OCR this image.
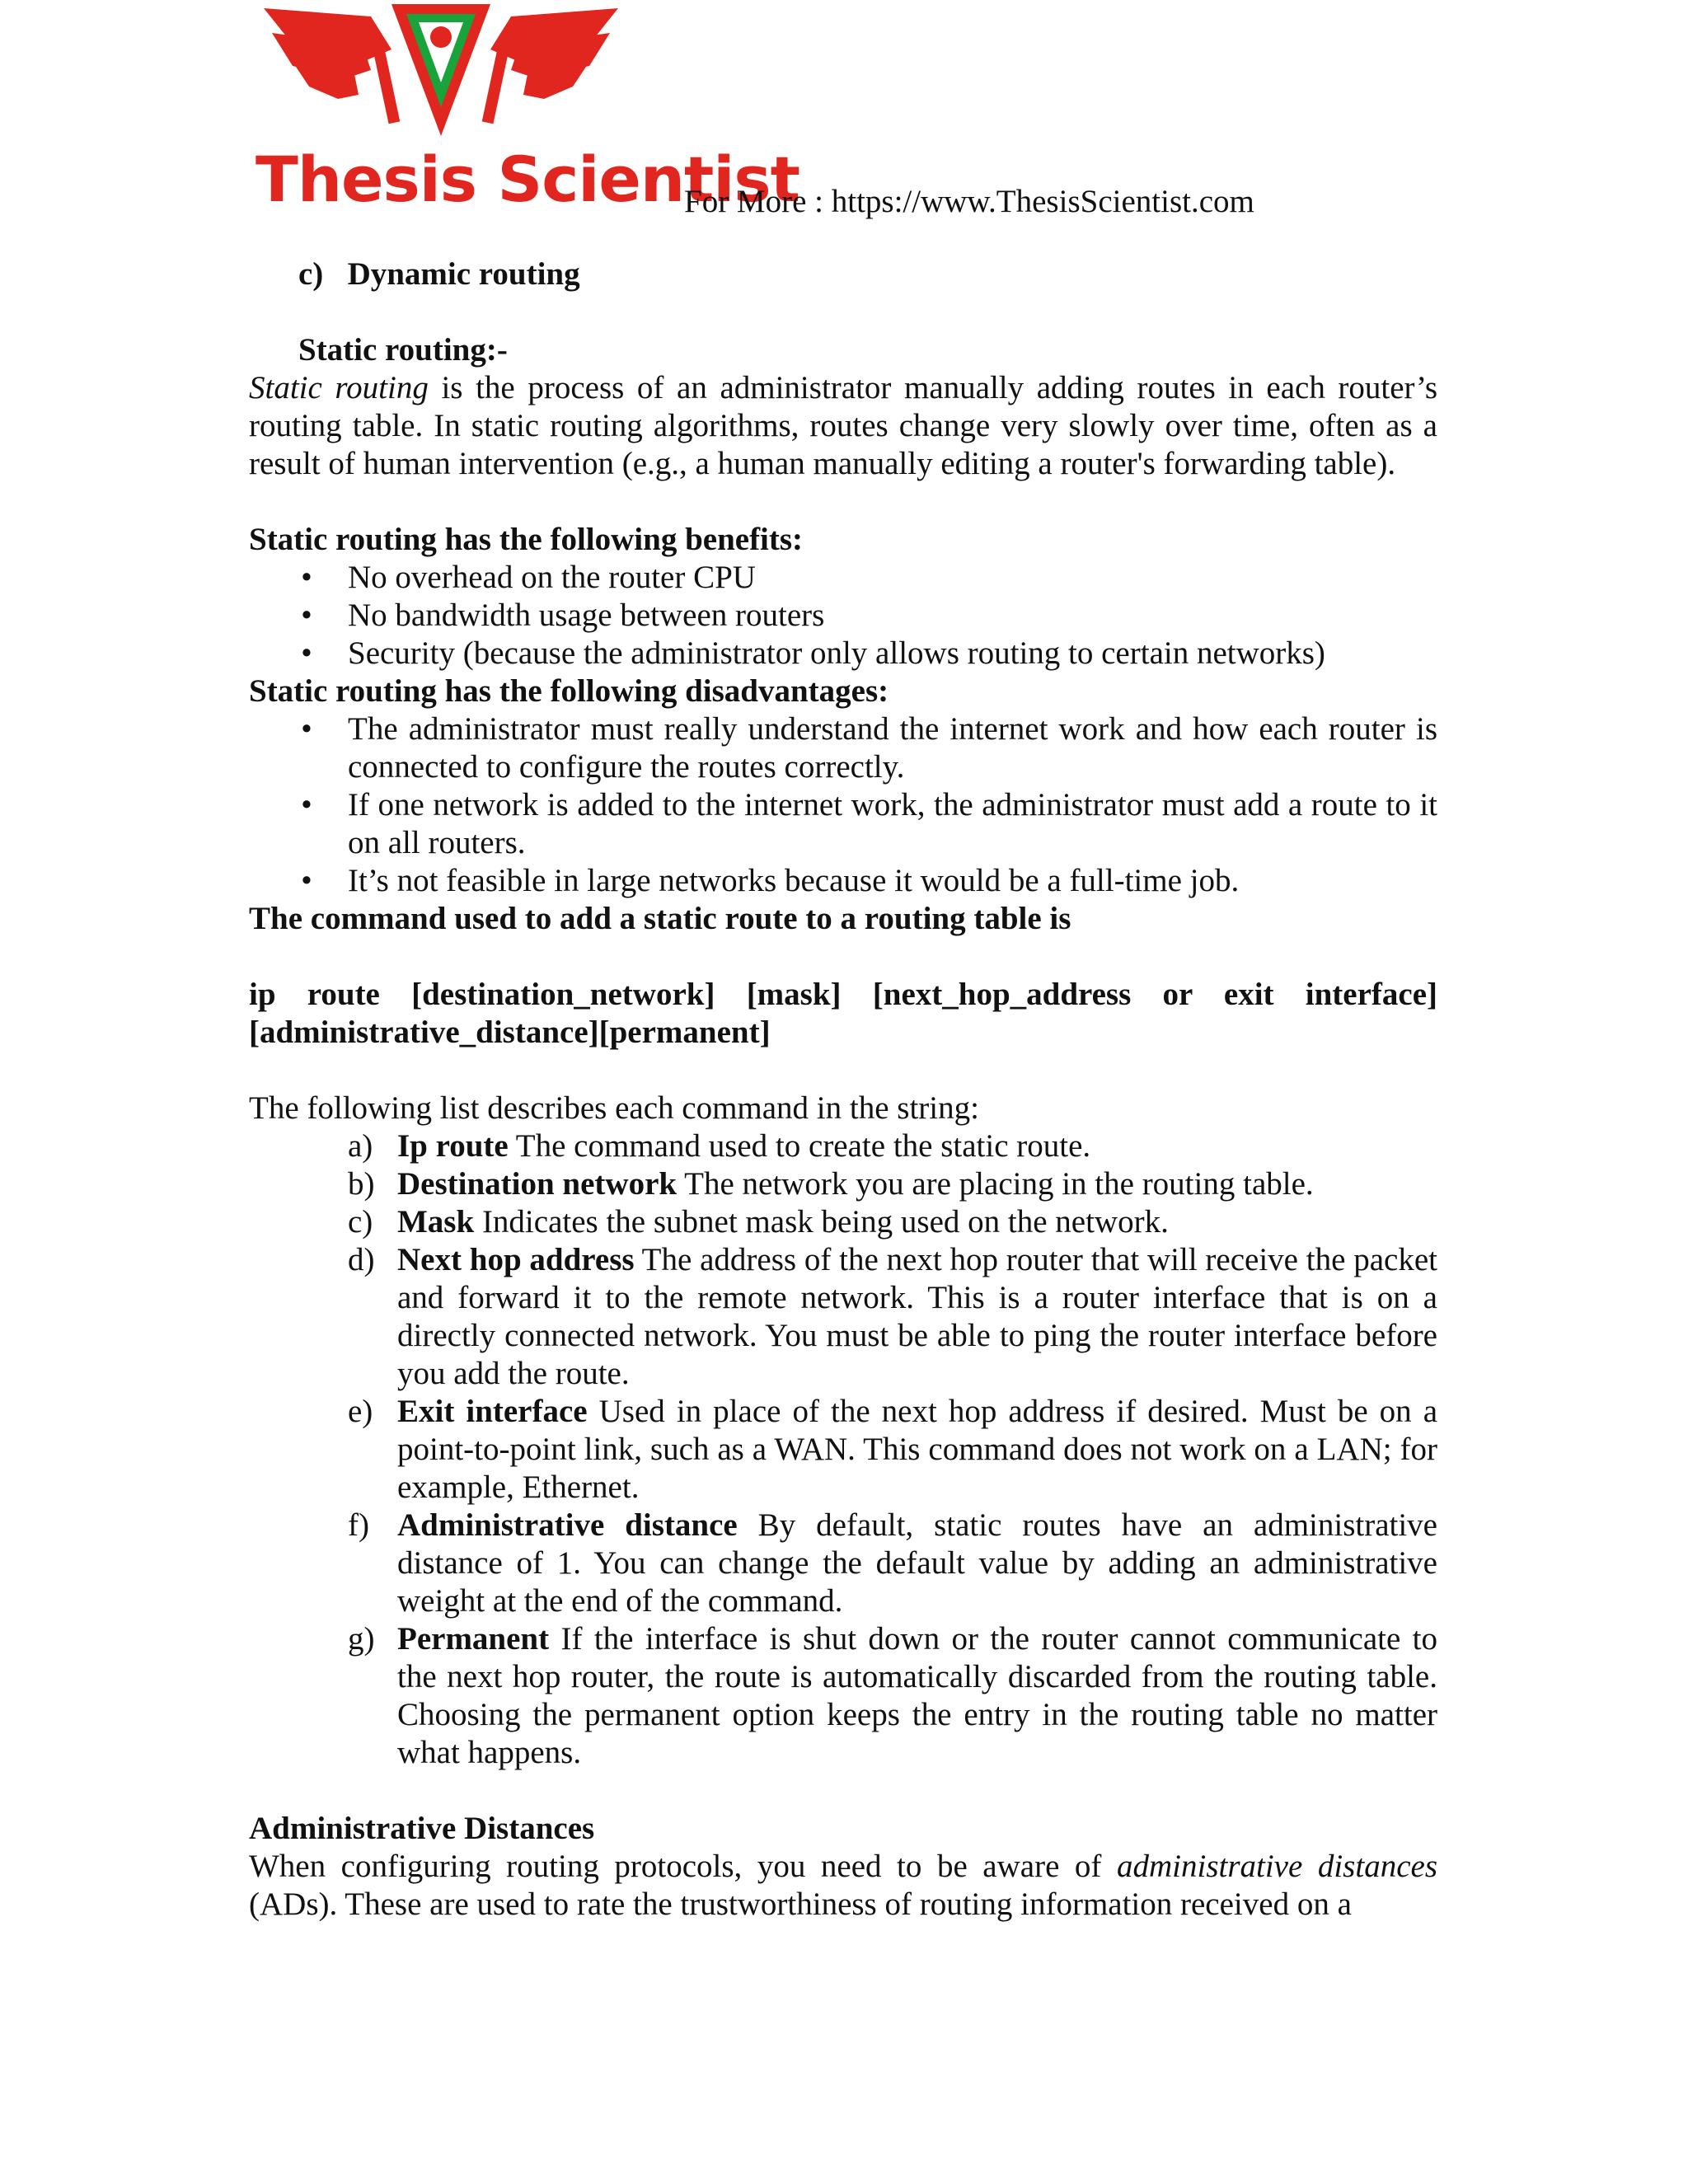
Thesis Scientist
For More : https://www.ThesisScientist.com

c) Dynamic routing

Static routing:-

Static routing is the process of an administrator manually adding routes in each router’s routing table. In static routing algorithms, routes change very slowly over time, often as a result of human intervention (e.g., a human manually editing a router's forwarding table).

Static routing has the following benefits:

• No overhead on the router CPU
• No bandwidth usage between routers
• Security (because the administrator only allows routing to certain networks)

Static routing has the following disadvantages:

• The administrator must really understand the internet work and how each router is connected to configure the routes correctly.
• If one network is added to the internet work, the administrator must add a route to it on all routers.
• It’s not feasible in large networks because it would be a full-time job.

The command used to add a static route to a routing table is

ip route [destination_network] [mask] [next_hop_address or exit interface]

[administrative_distance][permanent]

The following list describes each command in the string:

a) Ip route The command used to create the static route.
b) Destination network The network you are placing in the routing table.
c) Mask Indicates the subnet mask being used on the network.
d) Next hop address The address of the next hop router that will receive the packet and forward it to the remote network. This is a router interface that is on a directly connected network. You must be able to ping the router interface before you add the route.
e) Exit interface Used in place of the next hop address if desired. Must be on a point-to-point link, such as a WAN. This command does not work on a LAN; for example, Ethernet.
f) Administrative distance By default, static routes have an administrative distance of 1. You can change the default value by adding an administrative weight at the end of the command.
g) Permanent If the interface is shut down or the router cannot communicate to the next hop router, the route is automatically discarded from the routing table. Choosing the permanent option keeps the entry in the routing table no matter what happens.

Administrative Distances

When configuring routing protocols, you need to be aware of administrative distances (ADs). These are used to rate the trustworthiness of routing information received on a
